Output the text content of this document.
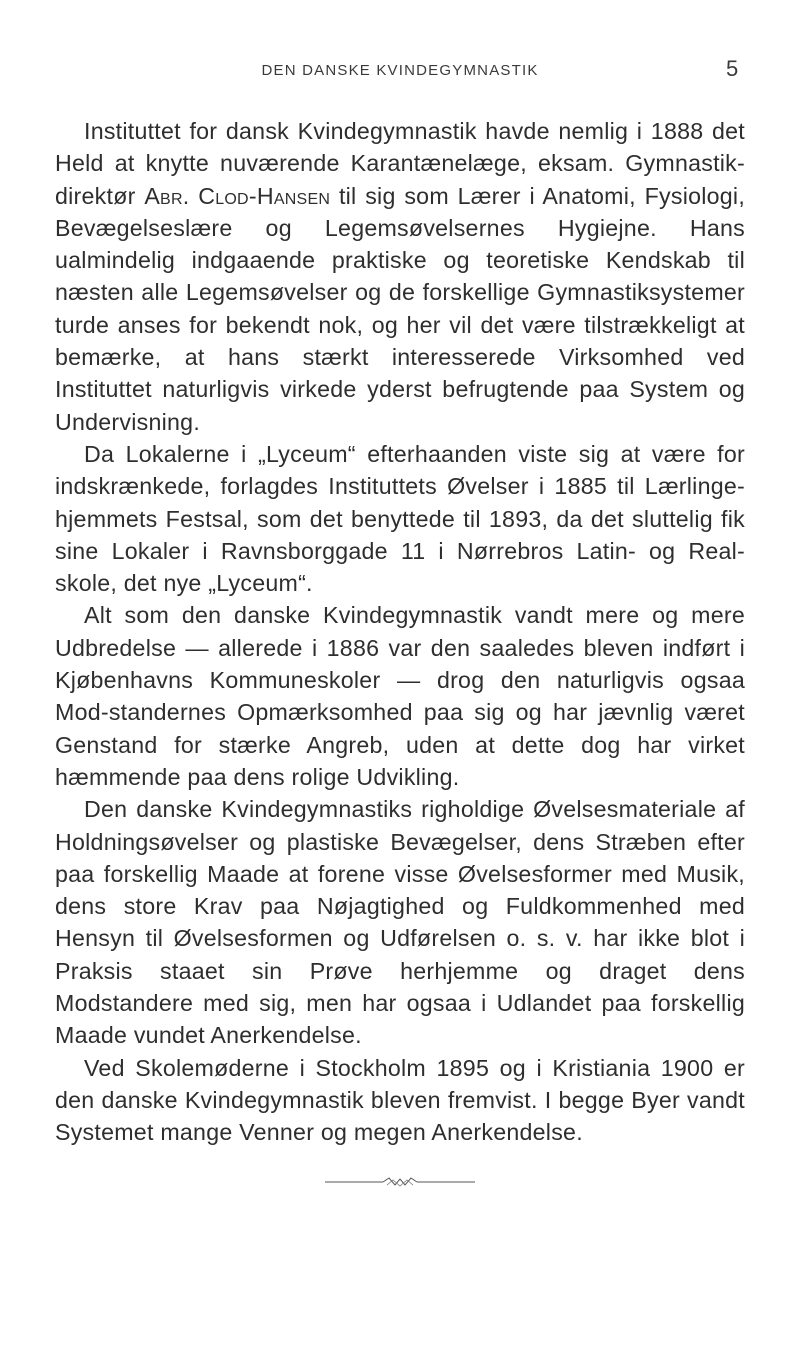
DEN DANSKE KVINDEGYMNASTIK	5

Instituttet for dansk Kvindegymnastik havde nemlig i 1888 det Held at knytte nuværende Karantænelæge, eksam. Gymnastik-direktør Abr. Clod-Hansen til sig som Lærer i Anatomi, Fysiologi, Bevægelseslære og Legemsøvelsernes Hygiejne. Hans ualmindelig indgaaende praktiske og teoretiske Kendskab til næsten alle Legemsøvelser og de forskellige Gymnastiksystemer turde anses for bekendt nok, og her vil det være tilstrækkeligt at bemærke, at hans stærkt interesserede Virksomhed ved Instituttet naturligvis virkede yderst befrugtende paa System og Undervisning.

Da Lokalerne i „Lyceum“ efterhaanden viste sig at være for indskrænkede, forlagdes Instituttets Øvelser i 1885 til Lærlinge-hjemmets Festsal, som det benyttede til 1893, da det sluttelig fik sine Lokaler i Ravnsborggade 11 i Nørrebros Latin- og Real-skole, det nye „Lyceum“.

Alt som den danske Kvindegymnastik vandt mere og mere Udbredelse — allerede i 1886 var den saaledes bleven indført i Kjøbenhavns Kommuneskoler — drog den naturligvis ogsaa Mod-standernes Opmærksomhed paa sig og har jævnlig været Genstand for stærke Angreb, uden at dette dog har virket hæmmende paa dens rolige Udvikling.

Den danske Kvindegymnastiks righoldige Øvelsesmateriale af Holdningsøvelser og plastiske Bevægelser, dens Stræben efter paa forskellig Maade at forene visse Øvelsesformer med Musik, dens store Krav paa Nøjagtighed og Fuldkommenhed med Hensyn til Øvelsesformen og Udførelsen o. s. v. har ikke blot i Praksis staaet sin Prøve herhjemme og draget dens Modstandere med sig, men har ogsaa i Udlandet paa forskellig Maade vundet Anerkendelse.

Ved Skolemøderne i Stockholm 1895 og i Kristiania 1900 er den danske Kvindegymnastik bleven fremvist. I begge Byer vandt Systemet mange Venner og megen Anerkendelse.
